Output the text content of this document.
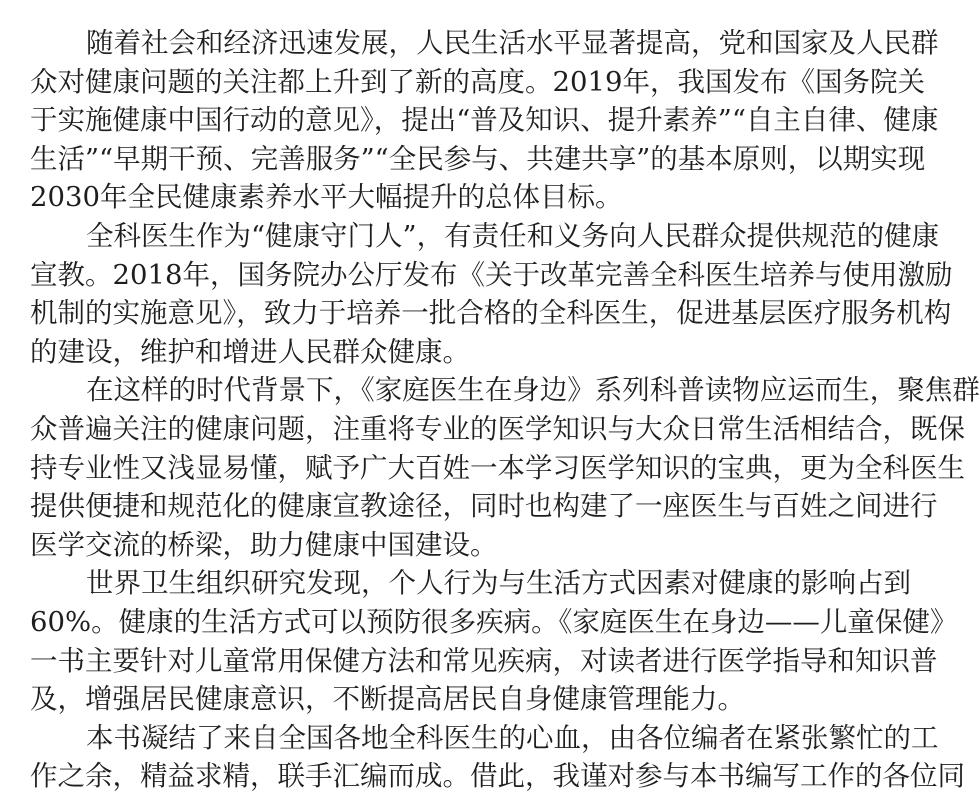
随着社会和经济迅速发展，人民生活水平显著提高，党和国家及人民群
众对健康问题的关注都上升到了新的高度。2019年，我国发布《国务院关
于实施健康中国行动的意见》，提出“普及知识、提升素养”“自主自律、健康
生活”“早期干预、完善服务”“全民参与、共建共享”的基本原则，以期实现
2030年全民健康素养水平大幅提升的总体目标。
全科医生作为“健康守门人”，有责任和义务向人民群众提供规范的健康
宣教。2018年，国务院办公厅发布《关于改革完善全科医生培养与使用激励
机制的实施意见》，致力于培养一批合格的全科医生，促进基层医疗服务机构
的建设，维护和增进人民群众健康。
在这样的时代背景下，《家庭医生在身边》系列科普读物应运而生，聚焦群
众普遍关注的健康问题，注重将专业的医学知识与大众日常生活相结合，既保
持专业性又浅显易懂，赋予广大百姓一本学习医学知识的宝典，更为全科医生
提供便捷和规范化的健康宣教途径，同时也构建了一座医生与百姓之间进行
医学交流的桥梁，助力健康中国建设。
世界卫生组织研究发现，个人行为与生活方式因素对健康的影响占到
60%。健康的生活方式可以预防很多疾病。《家庭医生在身边——儿童保健》
一书主要针对儿童常用保健方法和常见疾病，对读者进行医学指导和知识普
及，增强居民健康意识，不断提高居民自身健康管理能力。
本书凝结了来自全国各地全科医生的心血，由各位编者在紧张繁忙的工
作之余，精益求精，联手汇编而成。借此，我谨对参与本书编写工作的各位同
